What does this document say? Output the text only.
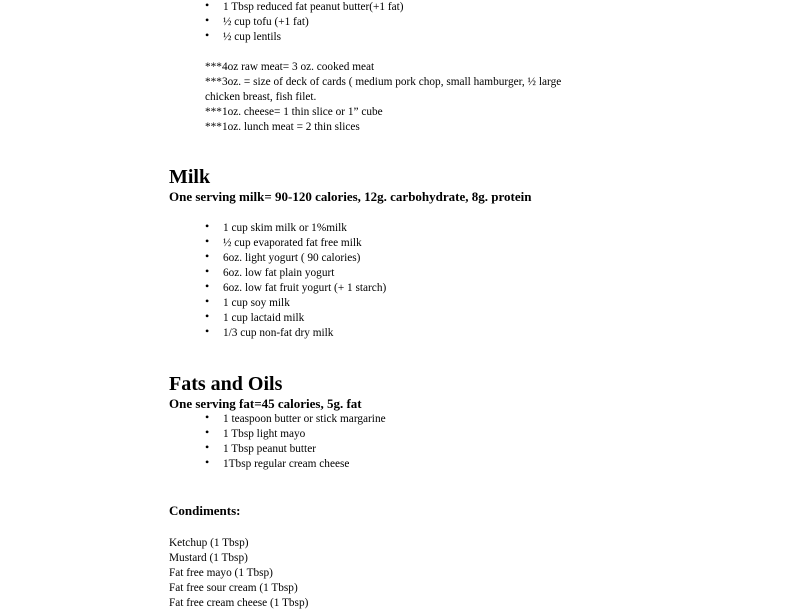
• 1 Tbsp reduced fat peanut butter(+1 fat)
• ½ cup tofu (+1 fat)
• ½ cup lentils
***4oz raw meat= 3 oz. cooked meat
***3oz. = size of deck of cards ( medium pork chop, small hamburger, ½ large
chicken breast, fish filet.
***1oz. cheese= 1 thin slice or 1” cube
***1oz. lunch meat = 2 thin slices
Milk
One serving milk= 90-120 calories, 12g. carbohydrate, 8g. protein
• 1 cup skim milk or 1%milk
• ½ cup evaporated fat free milk
• 6oz. light yogurt ( 90 calories)
• 6oz. low fat plain yogurt
• 6oz. low fat fruit yogurt (+ 1 starch)
• 1 cup soy milk
• 1 cup lactaid milk
• 1/3 cup non-fat dry milk
Fats and Oils
One serving fat=45 calories, 5g. fat
• 1 teaspoon butter or stick margarine
• 1 Tbsp light mayo
• 1 Tbsp peanut butter
• 1Tbsp regular cream cheese
Condiments:
Ketchup (1 Tbsp)
Mustard (1 Tbsp)
Fat free mayo (1 Tbsp)
Fat free sour cream (1 Tbsp)
Fat free cream cheese (1 Tbsp)
